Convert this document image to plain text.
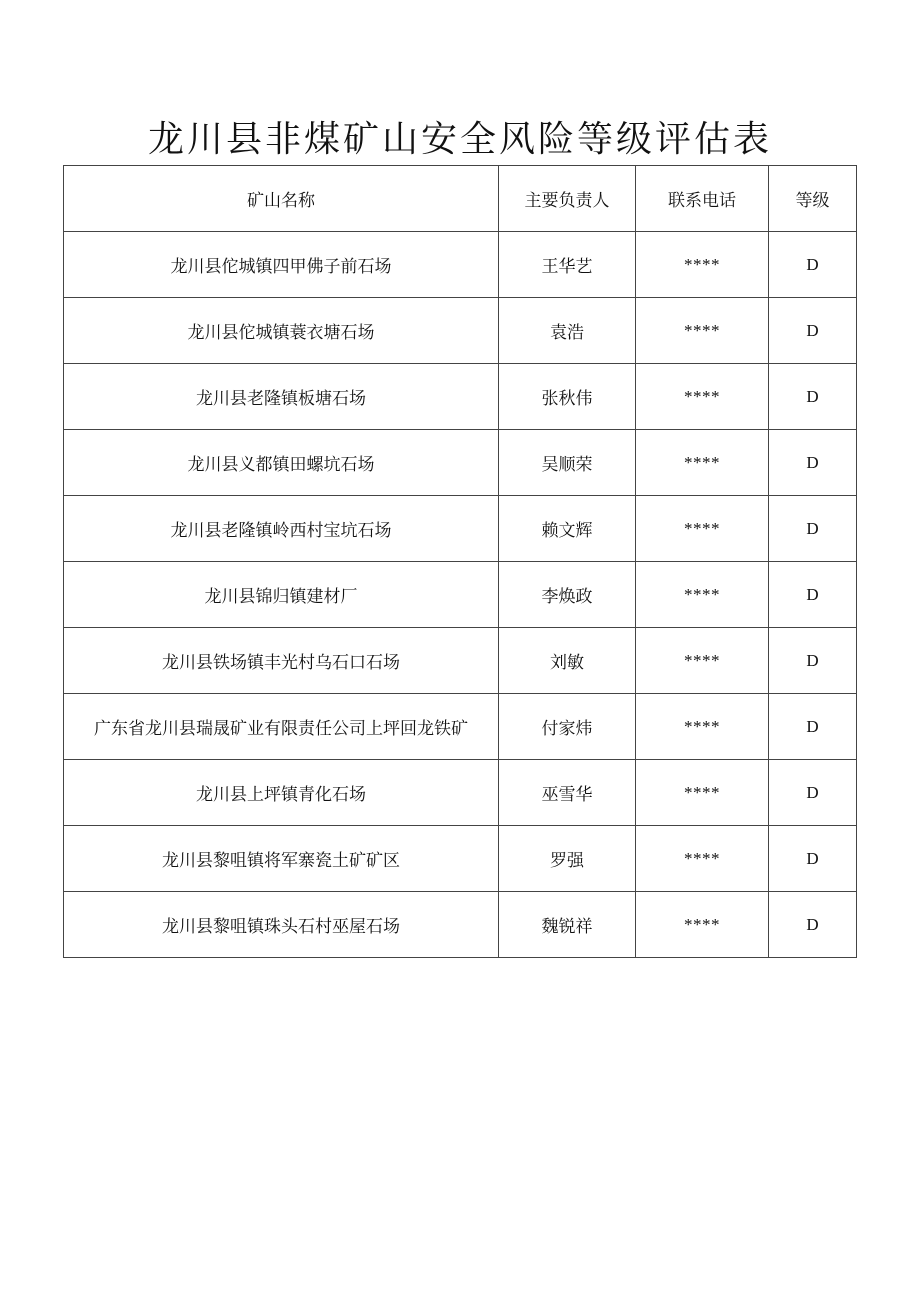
龙川县非煤矿山安全风险等级评估表
矿山名称	主要负责人	联系电话	等级
龙川县佗城镇四甲佛子前石场	王华艺	****	D
龙川县佗城镇蓑衣塘石场	袁浩	****	D
龙川县老隆镇板塘石场	张秋伟	****	D
龙川县义都镇田螺坑石场	吴顺荣	****	D
龙川县老隆镇岭西村宝坑石场	赖文辉	****	D
龙川县锦归镇建材厂	李焕政	****	D
龙川县铁场镇丰光村乌石口石场	刘敏	****	D
广东省龙川县瑞晟矿业有限责任公司上坪回龙铁矿	付家炜	****	D
龙川县上坪镇青化石场	巫雪华	****	D
龙川县黎咀镇将军寨瓷土矿矿区	罗强	****	D
龙川县黎咀镇珠头石村巫屋石场	魏锐祥	****	D
